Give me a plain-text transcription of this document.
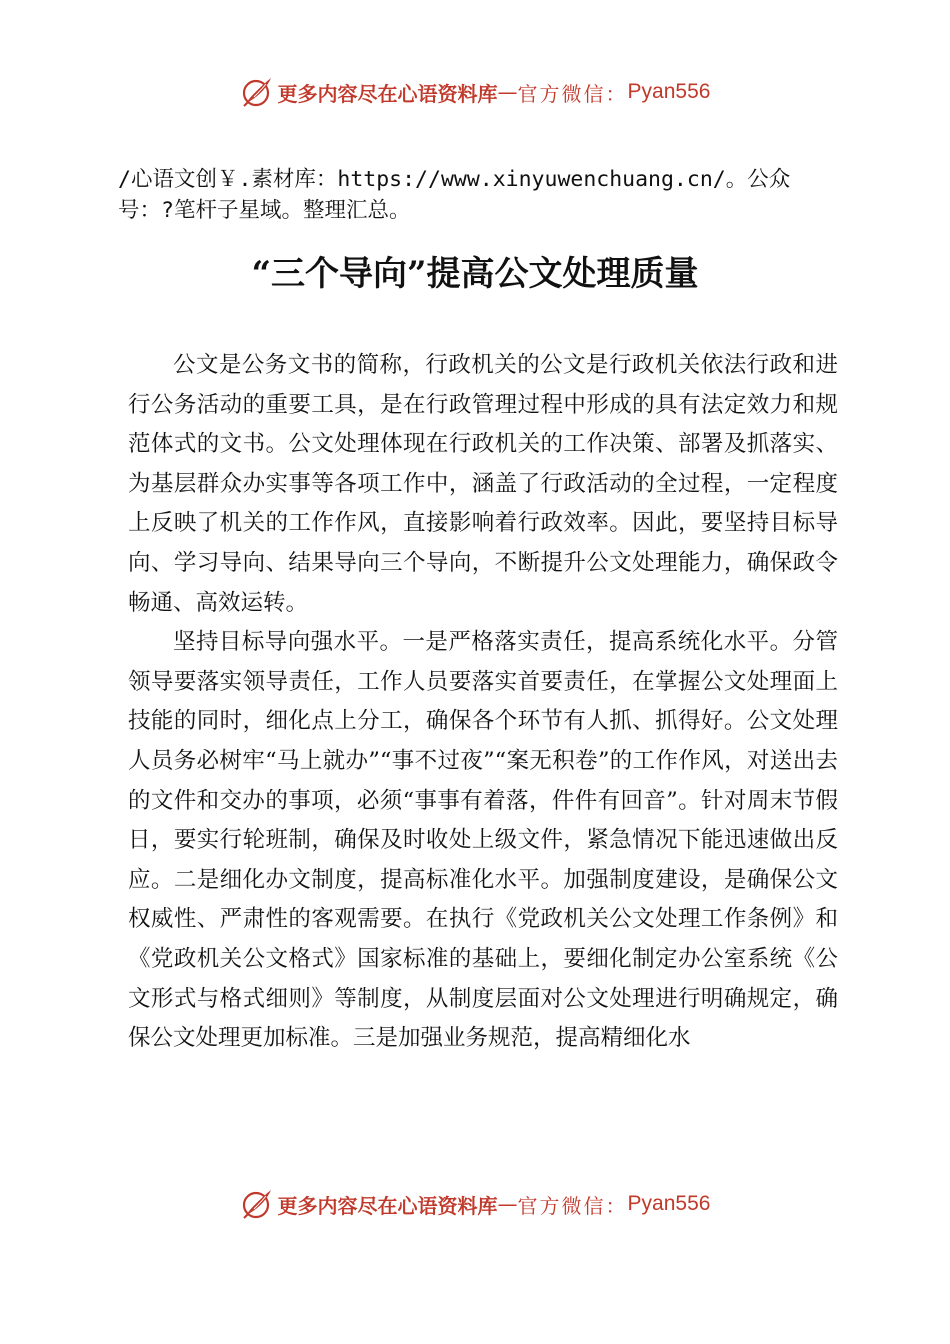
更多内容尽在心语资料库 — 官方微信： Pyan556
/心语文创￥.素材库：https://www.xinyuwenchuang.cn/。公众号：?笔杆子星域。整理汇总。
“三个导向”提高公文处理质量

公文是公务文书的简称，行政机关的公文是行政机关依法行政和进行公务活动的重要工具，是在行政管理过程中形成的具有法定效力和规范体式的文书。公文处理体现在行政机关的工作决策、部署及抓落实、为基层群众办实事等各项工作中，涵盖了行政活动的全过程，一定程度上反映了机关的工作作风，直接影响着行政效率。因此，要坚持目标导向、学习导向、结果导向三个导向，不断提升公文处理能力，确保政令畅通、高效运转。

坚持目标导向强水平。一是严格落实责任，提高系统化水平。分管领导要落实领导责任，工作人员要落实首要责任，在掌握公文处理面上技能的同时，细化点上分工，确保各个环节有人抓、抓得好。公文处理人员务必树牢“马上就办”“事不过夜”“案无积卷”的工作作风，对送出去的文件和交办的事项，必须“事事有着落，件件有回音”。针对周末节假日，要实行轮班制，确保及时收处上级文件，紧急情况下能迅速做出反应。二是细化办文制度，提高标准化水平。加强制度建设，是确保公文权威性、严肃性的客观需要。在执行《党政机关公文处理工作条例》和《党政机关公文格式》国家标准的基础上，要细化制定办公室系统《公文形式与格式细则》等制度，从制度层面对公文处理进行明确规定，确保公文处理更加标准。三是加强业务规范，提高精细化水

更多内容尽在心语资料库 — 官方微信： Pyan556
